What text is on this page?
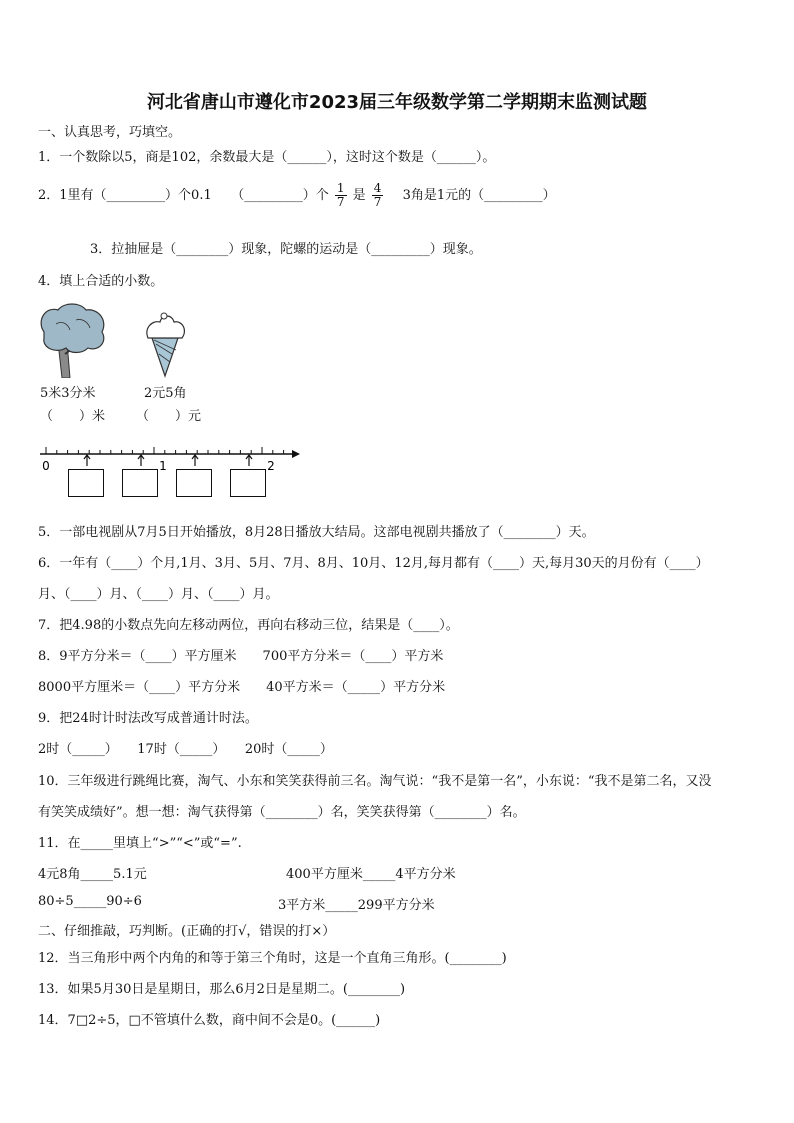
河北省唐山市遵化市2023届三年级数学第二学期期末监测试题
一、认真思考，巧填空。
1．一个数除以5，商是102，余数最大是（______），这时这个数是（______）。
2．1里有（_________）个0.1　　（_________）个 $\frac{1}{7}$ 是 $\frac{4}{7}$ 　3角是1元的（_________）
3．拉抽屉是（________）现象，陀螺的运动是（_________）现象。
4．填上合适的小数。
5米3分米	2元5角
（　　）米 （　　）元
0	1	2
5．一部电视剧从7月5日开始播放，8月28日播放大结局。这部电视剧共播放了（________）天。
6．一年有（____）个月,1月、3月、5月、7月、8月、10月、12月,每月都有（____）天,每月30天的月份有（____）
月、（____）月、（____）月、（____）月。
7．把4.98的小数点先向左移动两位，再向右移动三位，结果是（____）。
8．9平方分米＝（____）平方厘米　　700平方分米＝（____）平方米
8000平方厘米＝（____）平方分米　　40平方米＝（_____）平方分米
9．把24时计时法改写成普通计时法。
2时（_____）　　17时（_____）　　20时（_____）
10．三年级进行跳绳比赛，淘气、小东和笑笑获得前三名。淘气说：“我不是第一名”，小东说：“我不是第二名，又没
有笑笑成绩好”。想一想：淘气获得第（________）名，笑笑获得第（________）名。
11．在_____里填上“>”“<”或“=”.
4元8角_____5.1元	400平方厘米_____4平方分米
80÷5_____90÷6	3平方米_____299平方分米
二、仔细推敲，巧判断。(正确的打√，错误的打×）
12．当三角形中两个内角的和等于第三个角时，这是一个直角三角形。(________)
13．如果5月30日是星期日，那么6月2日是星期二。(________)
14．7□2÷5，□不管填什么数，商中间不会是0。(______)
